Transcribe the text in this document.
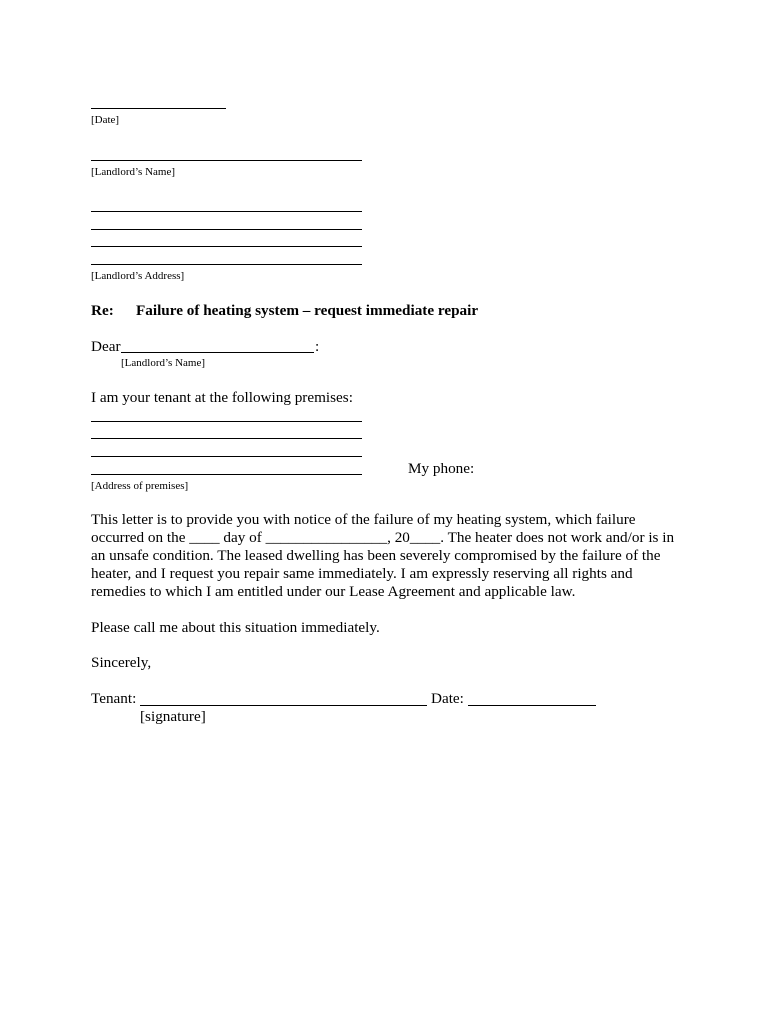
[Date]
[Landlord’s Name]
[Landlord’s Address]
Re: Failure of heating system – request immediate repair
Dear	:
[Landlord’s Name]
I am your tenant at the following premises:
My phone:
[Address of premises]
This letter is to provide you with notice of the failure of my heating system, which failure
occurred on the ____ day of ________________, 20____. The heater does not work and/or is in
an unsafe condition. The leased dwelling has been severely compromised by the failure of the
heater, and I request you repair same immediately. I am expressly reserving all rights and
remedies to which I am entitled under our Lease Agreement and applicable law.
Please call me about this situation immediately.
Sincerely,
Tenant:	Date:
[signature]
